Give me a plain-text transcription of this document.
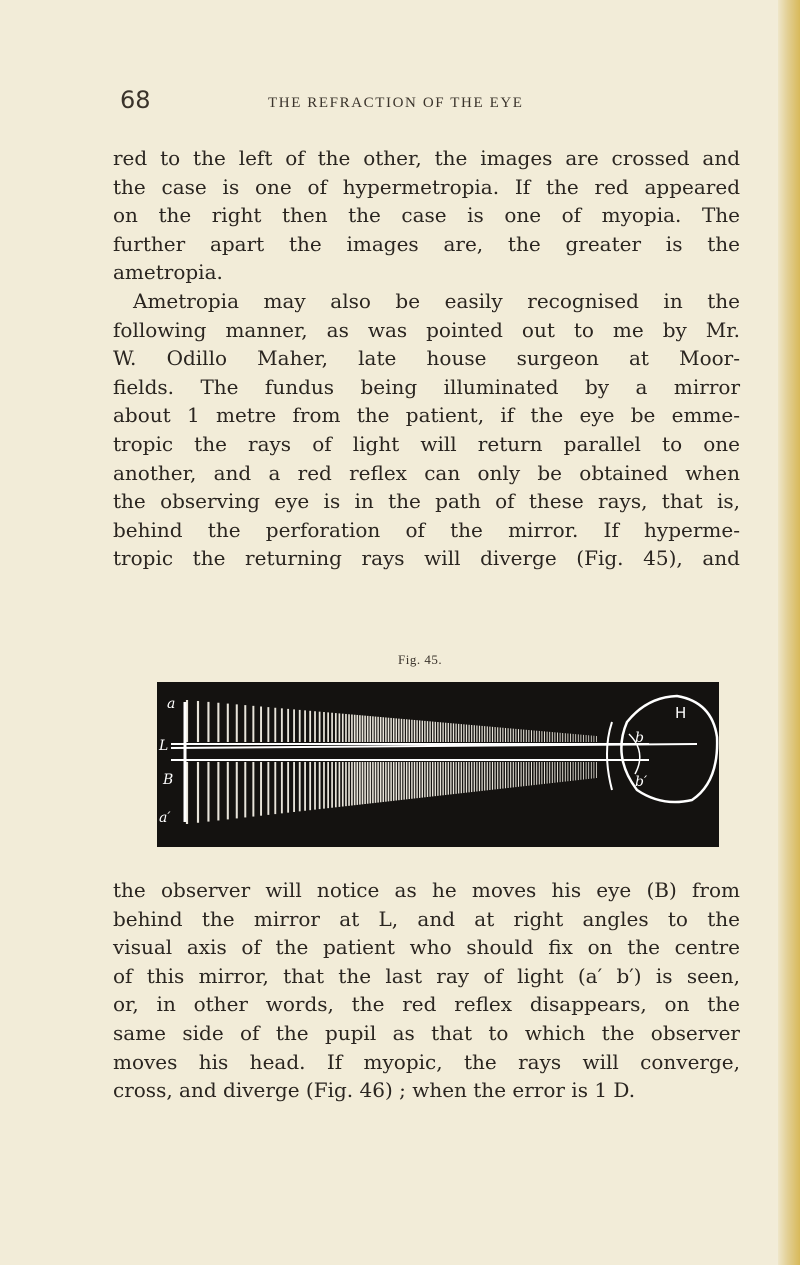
68	THE REFRACTION OF THE EYE
red to the left of the other, the images are crossed and
the case is one of hypermetropia. If the red appeared
on the right then the case is one of myopia. The
further apart the images are, the greater is the
ametropia.
Ametropia may also be easily recognised in the
following manner, as was pointed out to me by Mr.
W. Odillo Maher, late house surgeon at Moor-
fields. The fundus being illuminated by a mirror
about 1 metre from the patient, if the eye be emme-
tropic the rays of light will return parallel to one
another, and a red reflex can only be obtained when
the observing eye is in the path of these rays, that is,
behind the perforation of the mirror. If hyperme-
tropic the returning rays will diverge (Fig. 45), and
Fig. 45.
a
L
B
a′
b
b′
H
the observer will notice as he moves his eye (B) from
behind the mirror at L, and at right angles to the
visual axis of the patient who should fix on the centre
of this mirror, that the last ray of light (a′ b′) is seen,
or, in other words, the red reflex disappears, on the
same side of the pupil as that to which the observer
moves his head. If myopic, the rays will converge,
cross, and diverge (Fig. 46) ; when the error is 1 D.
